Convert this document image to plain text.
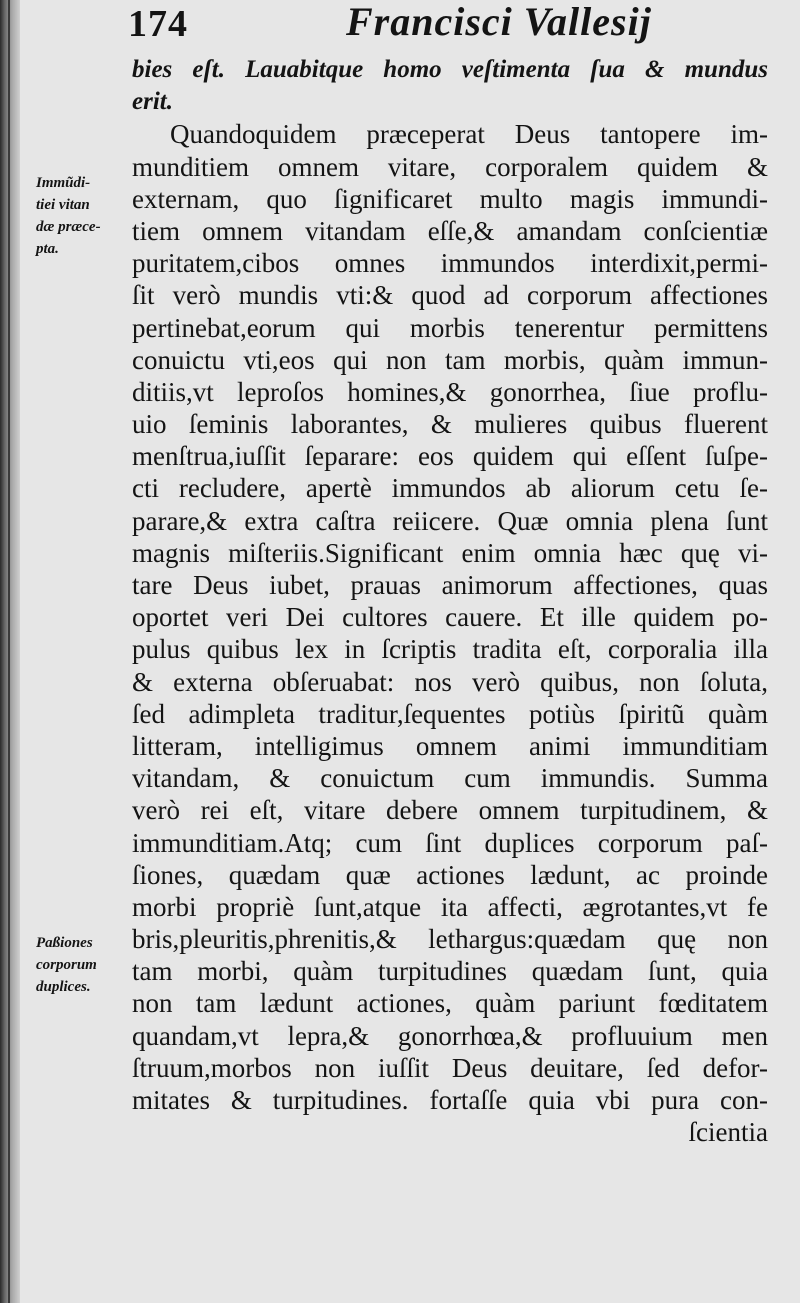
174	Francisci Vallesij
Immũdi-
tiei vitan
dæ præce-
pta.
Paßiones
corporum
duplices.
bies eſt. Lauabitque homo veſtimenta ſua & mundus
erit.
Quandoquidem præceperat Deus tantopere im-
munditiem omnem vitare, corporalem quidem &
externam, quo ſignificaret multo magis immundi-
tiem omnem vitandam eſſe,& amandam conſcientiæ
puritatem,cibos omnes immundos interdixit,permi-
ſit verò mundis vti:& quod ad corporum affectiones
pertinebat,eorum qui morbis tenerentur permittens
conuictu vti,eos qui non tam morbis, quàm immun-
ditiis,vt leproſos homines,& gonorrhea, ſiue proflu-
uio ſeminis laborantes, & mulieres quibus fluerent
menſtrua,iuſſit ſeparare: eos quidem qui eſſent ſuſpe-
cti recludere, apertè immundos ab aliorum cetu ſe-
parare,& extra caſtra reiicere. Quæ omnia plena ſunt
magnis miſteriis.Significant enim omnia hæc quę vi-
tare Deus iubet, prauas animorum affectiones, quas
oportet veri Dei cultores cauere. Et ille quidem po-
pulus quibus lex in ſcriptis tradita eſt, corporalia illa
& externa obſeruabat: nos verò quibus, non ſoluta,
ſed adimpleta traditur,ſequentes potiùs ſpiritũ quàm
litteram, intelligimus omnem animi immunditiam
vitandam, & conuictum cum immundis. Summa
verò rei eſt, vitare debere omnem turpitudinem, &
immunditiam.Atq; cum ſint duplices corporum paſ-
ſiones, quædam quæ actiones lædunt, ac proinde
morbi propriè ſunt,atque ita affecti, ægrotantes,vt fe
bris,pleuritis,phrenitis,& lethargus:quædam quę non
tam morbi, quàm turpitudines quædam ſunt, quia
non tam lædunt actiones, quàm pariunt fœditatem
quandam,vt lepra,& gonorrhœa,& profluuium men
ſtruum,morbos non iuſſit Deus deuitare, ſed defor-
mitates & turpitudines. fortaſſe quia vbi pura con-
ſcientia
